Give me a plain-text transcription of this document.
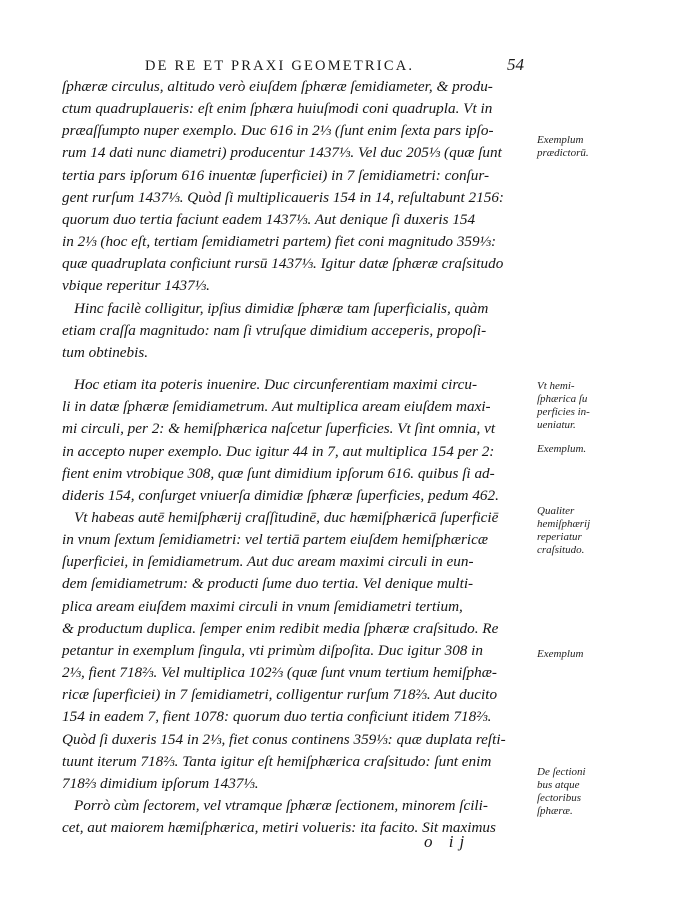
DE RE ET PRAXI GEOMETRICA.	54
ſphæræ circulus, altitudo verò eiuſdem ſphæræ ſemidiameter, & produ-
ctum quadruplaueris: eſt enim ſphæra huiuſmodi coni quadrupla. Vt in
præaſſumpto nuper exemplo. Duc 616 in 2⅓ (ſunt enim ſexta pars ipſo-
rum 14 dati nunc diametri) producentur 1437⅓. Vel duc 205⅓ (quæ ſunt
tertia pars ipſorum 616 inuentæ ſuperficiei) in 7 ſemidiametri: conſur-
gent rurſum 1437⅓. Quòd ſi multiplicaueris 154 in 14, reſultabunt 2156:
quorum duo tertia faciunt eadem 1437⅓. Aut denique ſi duxeris 154
in 2⅓ (hoc eſt, tertiam ſemidiametri partem) fiet coni magnitudo 359⅓:
quæ quadruplata conficiunt rursū 1437⅓. Igitur datæ ſphæræ craſsitudo
vbique reperitur 1437⅓.
Hinc facilè colligitur, ipſius dimidiæ ſphæræ tam ſuperficialis, quàm
etiam craſſa magnitudo: nam ſi vtruſque dimidium acceperis, propoſi-
tum obtinebis.
Hoc etiam ita poteris inuenire. Duc circunferentiam maximi circu-
li in datæ ſphæræ ſemidiametrum. Aut multiplica aream eiuſdem maxi-
mi circuli, per 2: & hemiſphærica naſcetur ſuperficies. Vt ſint omnia, vt
in accepto nuper exemplo. Duc igitur 44 in 7, aut multiplica 154 per 2:
fient enim vtrobique 308, quæ ſunt dimidium ipſorum 616. quibus ſi ad-
dideris 154, conſurget vniuerſa dimidiæ ſphæræ ſuperficies, pedum 462.
Vt habeas autē hemiſphærij craſſitudinē, duc hæmiſphæricā ſuperficiē
in vnum ſextum ſemidiametri: vel tertiā partem eiuſdem hemiſphæricæ
ſuperficiei, in ſemidiametrum. Aut duc aream maximi circuli in eun-
dem ſemidiametrum: & producti ſume duo tertia. Vel denique multi-
plica aream eiuſdem maximi circuli in vnum ſemidiametri tertium,
& productum duplica. ſemper enim redibit media ſphæræ craſsitudo. Re
petantur in exemplum ſingula, vti primùm diſpoſita. Duc igitur 308 in
2⅓, fient 718⅔. Vel multiplica 102⅔ (quæ ſunt vnum tertium hemiſphæ-
ricæ ſuperficiei) in 7 ſemidiametri, colligentur rurſum 718⅔. Aut ducito
154 in eadem 7, fient 1078: quorum duo tertia conficiunt itidem 718⅔.
Quòd ſi duxeris 154 in 2⅓, fiet conus continens 359⅓: quæ duplata reſti-
tuunt iterum 718⅔. Tanta igitur eſt hemiſphærica craſsitudo: ſunt enim
718⅔ dimidium ipſorum 1437⅓.
Porrò cùm ſectorem, vel vtramque ſphæræ ſectionem, minorem ſcili-
cet, aut maiorem hæmiſphærica, metiri volueris: ita facito. Sit maximus
Exemplum
prædictorū.
Vt hemi-
ſphærica ſu
perficies in-
ueniatur.
Exemplum.
Qualiter
hemiſphærij
reperiatur
craſsitudo.
Exemplum
De ſectioni
bus atque
ſectoribus
ſphæræ.
o ij
